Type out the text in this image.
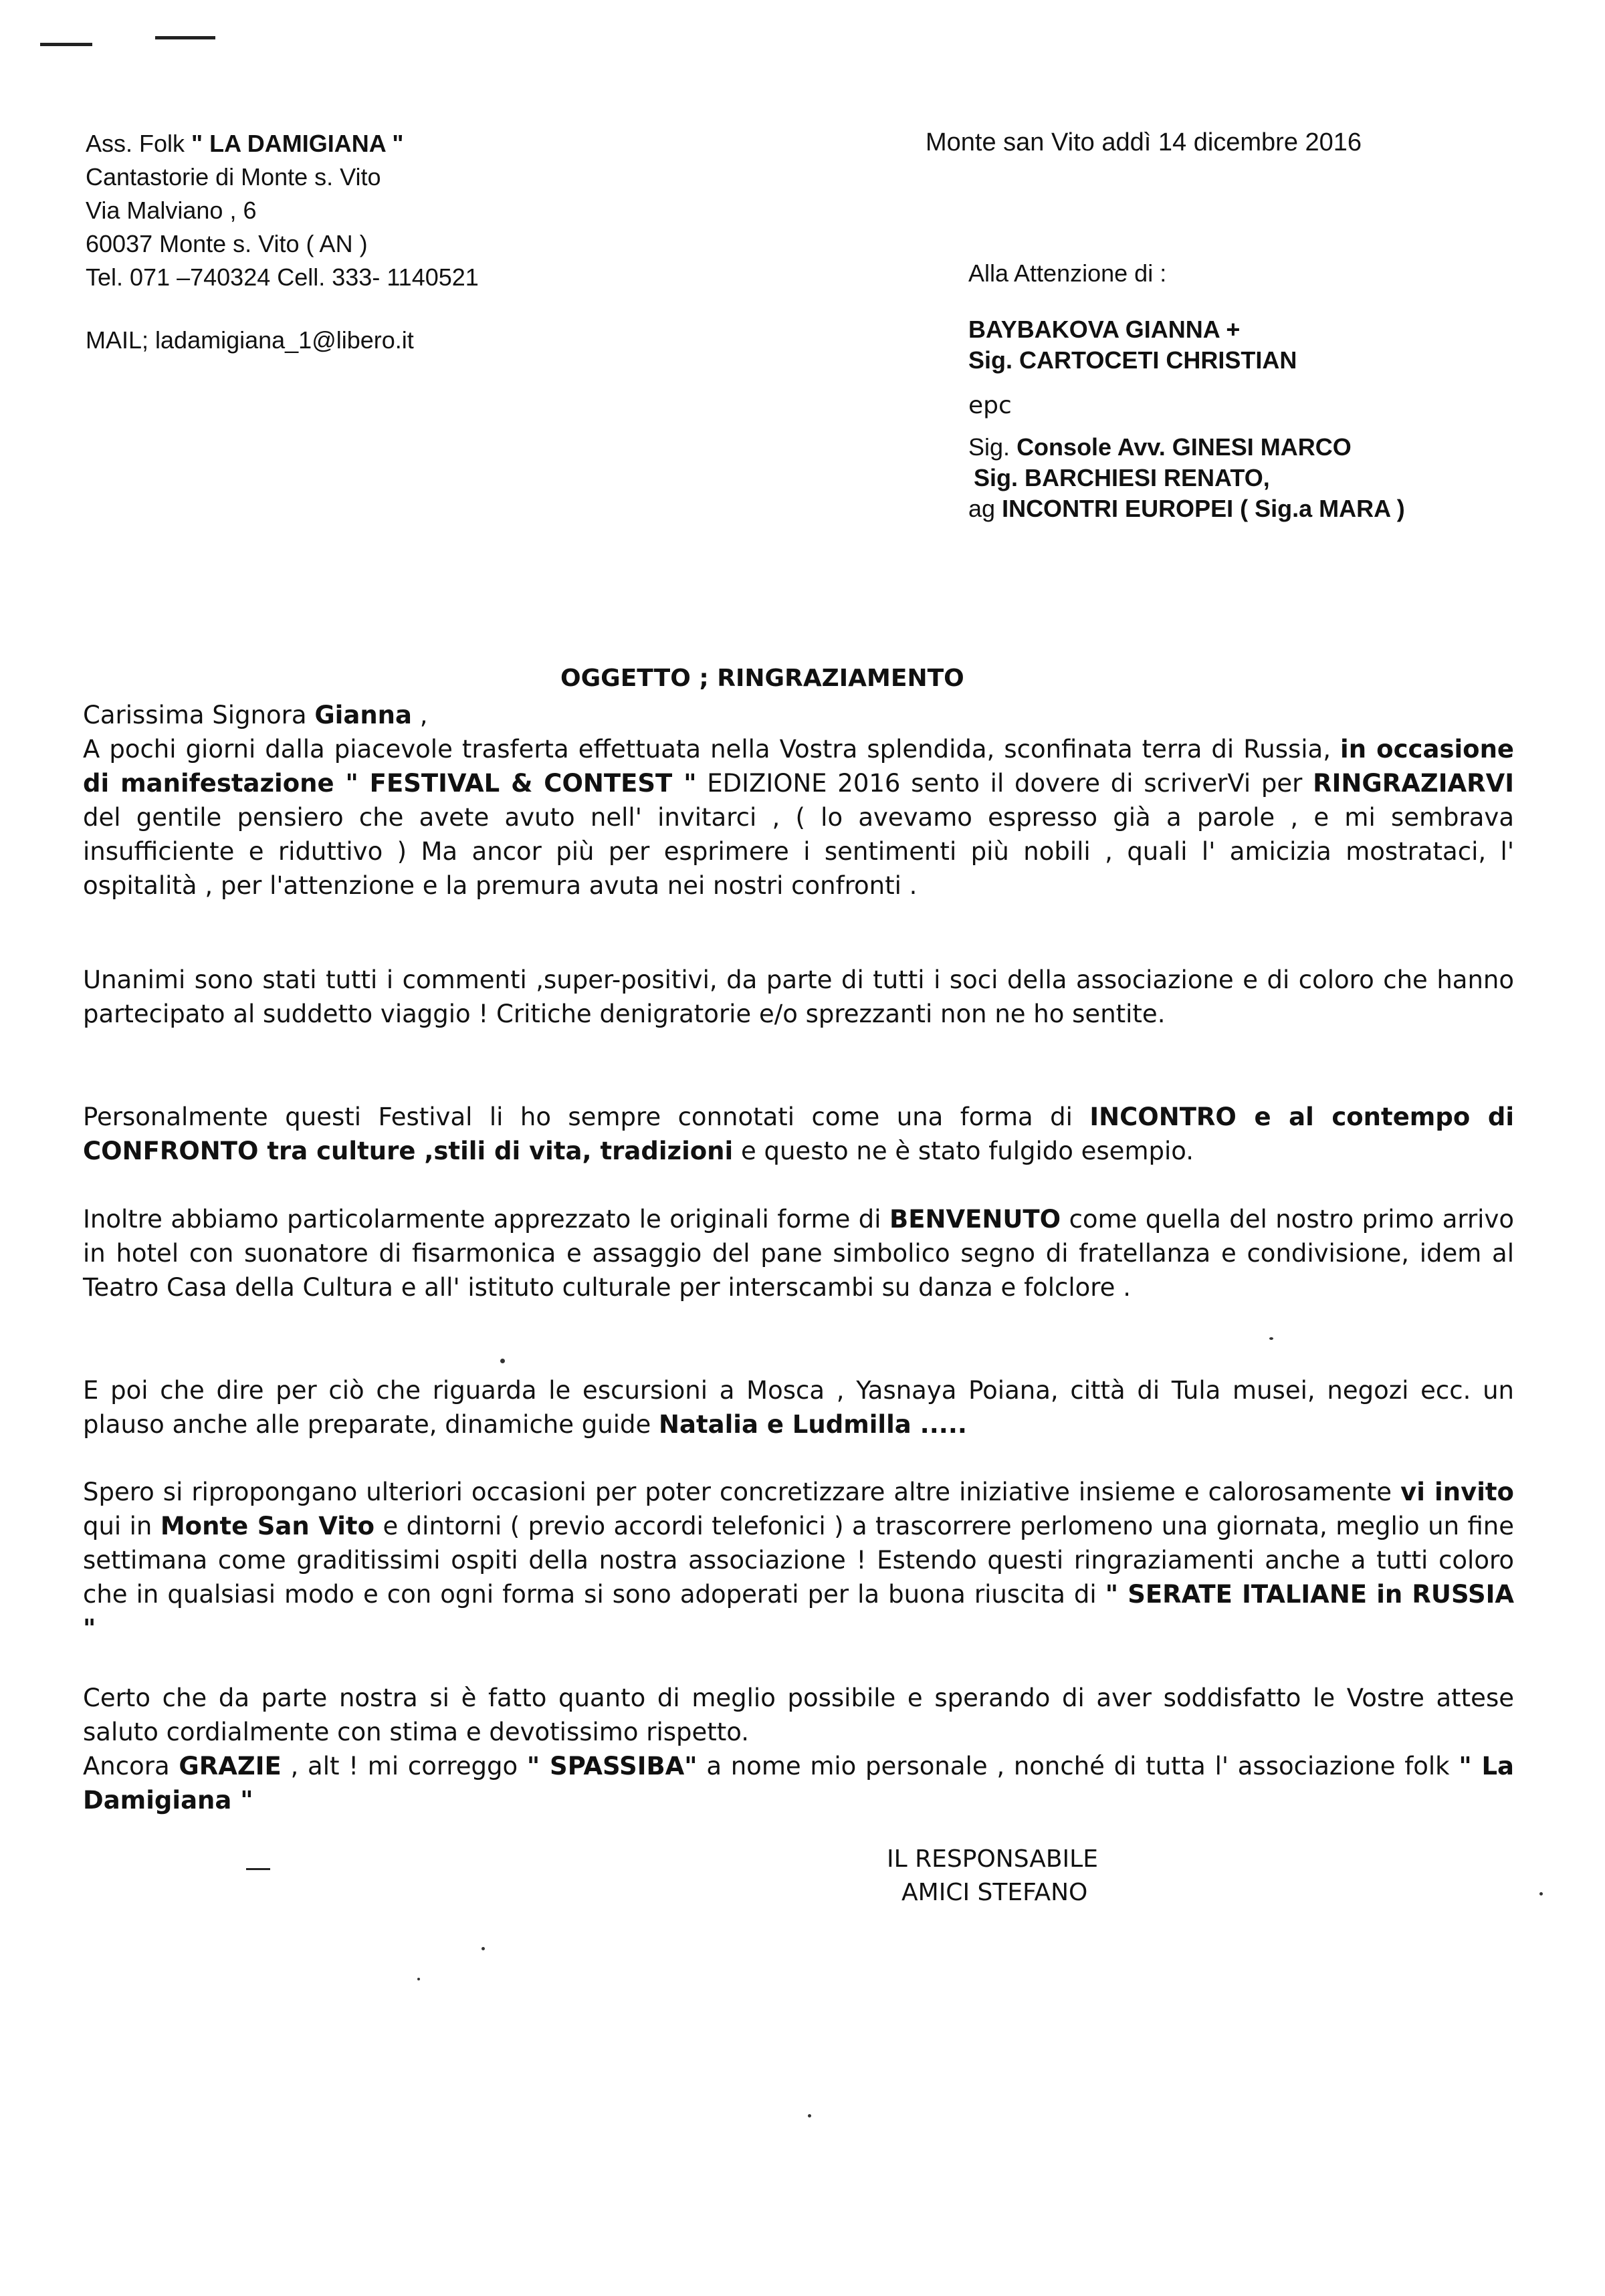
Ass. Folk " LA DAMIGIANA "
Cantastorie di Monte s. Vito
Via Malviano , 6
60037 Monte s. Vito ( AN )
Tel. 071 –740324 Cell. 333- 1140521
MAIL; ladamigiana_1@libero.it
Monte san Vito addì 14 dicembre 2016
Alla Attenzione di :
BAYBAKOVA GIANNA +
Sig. CARTOCETI CHRISTIAN
epc
Sig. Console Avv. GINESI MARCO
Sig. BARCHIESI RENATO,
ag INCONTRI EUROPEI ( Sig.a MARA )
OGGETTO ; RINGRAZIAMENTO
Carissima Signora Gianna ,

A pochi giorni dalla piacevole trasferta effettuata nella Vostra splendida, sconfinata terra di Russia, in occasione di manifestazione " FESTIVAL & CONTEST " EDIZIONE 2016 sento il dovere di scriverVi per RINGRAZIARVI del gentile pensiero che avete avuto nell' invitarci , ( lo avevamo espresso già a parole , e mi sembrava insufficiente e riduttivo ) Ma ancor più per esprimere i sentimenti più nobili , quali l' amicizia mostrataci, l' ospitalità , per l'attenzione e la premura avuta nei nostri confronti .

Unanimi sono stati tutti i commenti ,super-positivi, da parte di tutti i soci della associazione e di coloro che hanno partecipato al suddetto viaggio ! Critiche denigratorie e/o sprezzanti non ne ho sentite.

Personalmente questi Festival li ho sempre connotati come una forma di INCONTRO e al contempo di CONFRONTO tra culture ,stili di vita, tradizioni e questo ne è stato fulgido esempio.

Inoltre abbiamo particolarmente apprezzato le originali forme di BENVENUTO come quella del nostro primo arrivo in hotel con suonatore di fisarmonica e assaggio del pane simbolico segno di fratellanza e condivisione, idem al Teatro Casa della Cultura e all' istituto culturale per interscambi su danza e folclore .

E poi che dire per ciò che riguarda le escursioni a Mosca , Yasnaya Poiana, città di Tula musei, negozi ecc. un plauso anche alle preparate, dinamiche guide Natalia e Ludmilla .....

Spero si ripropongano ulteriori occasioni per poter concretizzare altre iniziative insieme e calorosamente vi invito qui in Monte San Vito e dintorni ( previo accordi telefonici ) a trascorrere perlomeno una giornata, meglio un fine settimana come graditissimi ospiti della nostra associazione ! Estendo questi ringraziamenti anche a tutti coloro che in qualsiasi modo e con ogni forma si sono adoperati per la buona riuscita di " SERATE ITALIANE in RUSSIA "

Certo che da parte nostra si è fatto quanto di meglio possibile e sperando di aver soddisfatto le Vostre attese saluto cordialmente con stima e devotissimo rispetto.
Ancora GRAZIE , alt ! mi correggo " SPASSIBA" a nome mio personale , nonché di tutta l' associazione folk " La Damigiana "

IL RESPONSABILE
AMICI STEFANO
